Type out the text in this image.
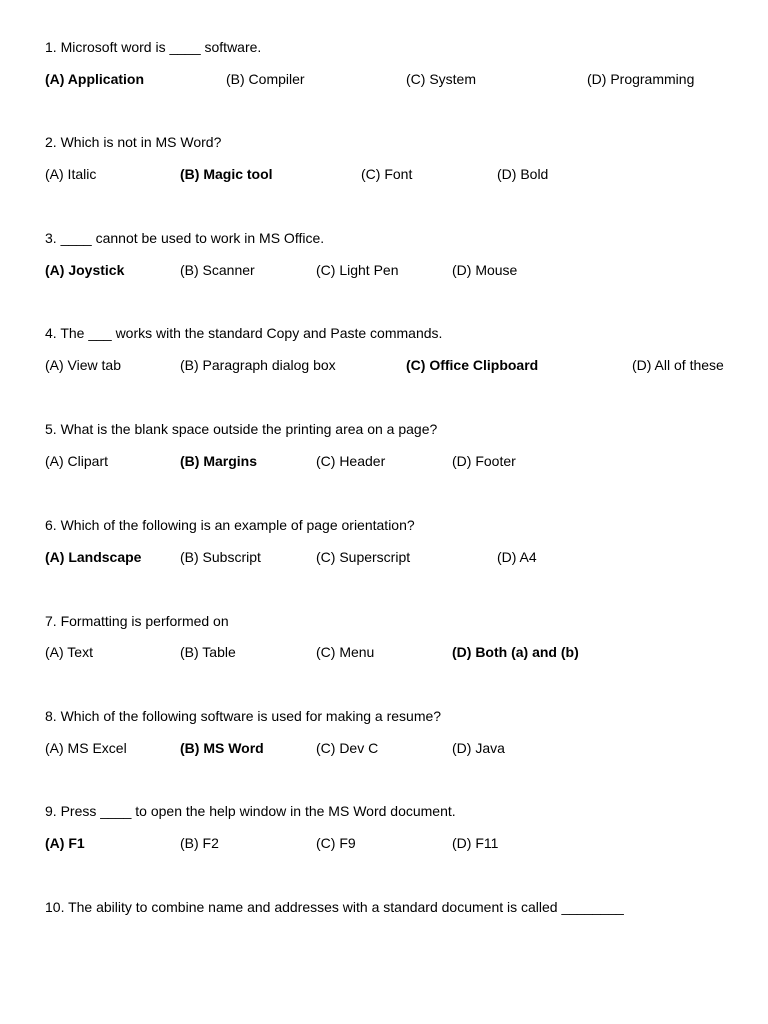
1. Microsoft word is ____ software.
(A) Application	(B) Compiler	(C) System	(D) Programming
2. Which is not in MS Word?
(A) Italic	(B) Magic tool	(C) Font	(D) Bold
3. ____ cannot be used to work in MS Office.
(A) Joystick	(B) Scanner	(C) Light Pen	(D) Mouse
4. The ___ works with the standard Copy and Paste commands.
(A) View tab	(B) Paragraph dialog box	(C) Office Clipboard	(D) All of these
5. What is the blank space outside the printing area on a page?
(A) Clipart	(B) Margins	(C) Header	(D) Footer
6. Which of the following is an example of page orientation?
(A) Landscape	(B) Subscript	(C) Superscript	(D) A4
7. Formatting is performed on
(A) Text	(B) Table	(C) Menu	(D) Both (a) and (b)
8. Which of the following software is used for making a resume?
(A) MS Excel	(B) MS Word	(C) Dev C	(D) Java
9. Press ____ to open the help window in the MS Word document.
(A) F1	(B) F2	(C) F9	(D) F11
10. The ability to combine name and addresses with a standard document is called ________
